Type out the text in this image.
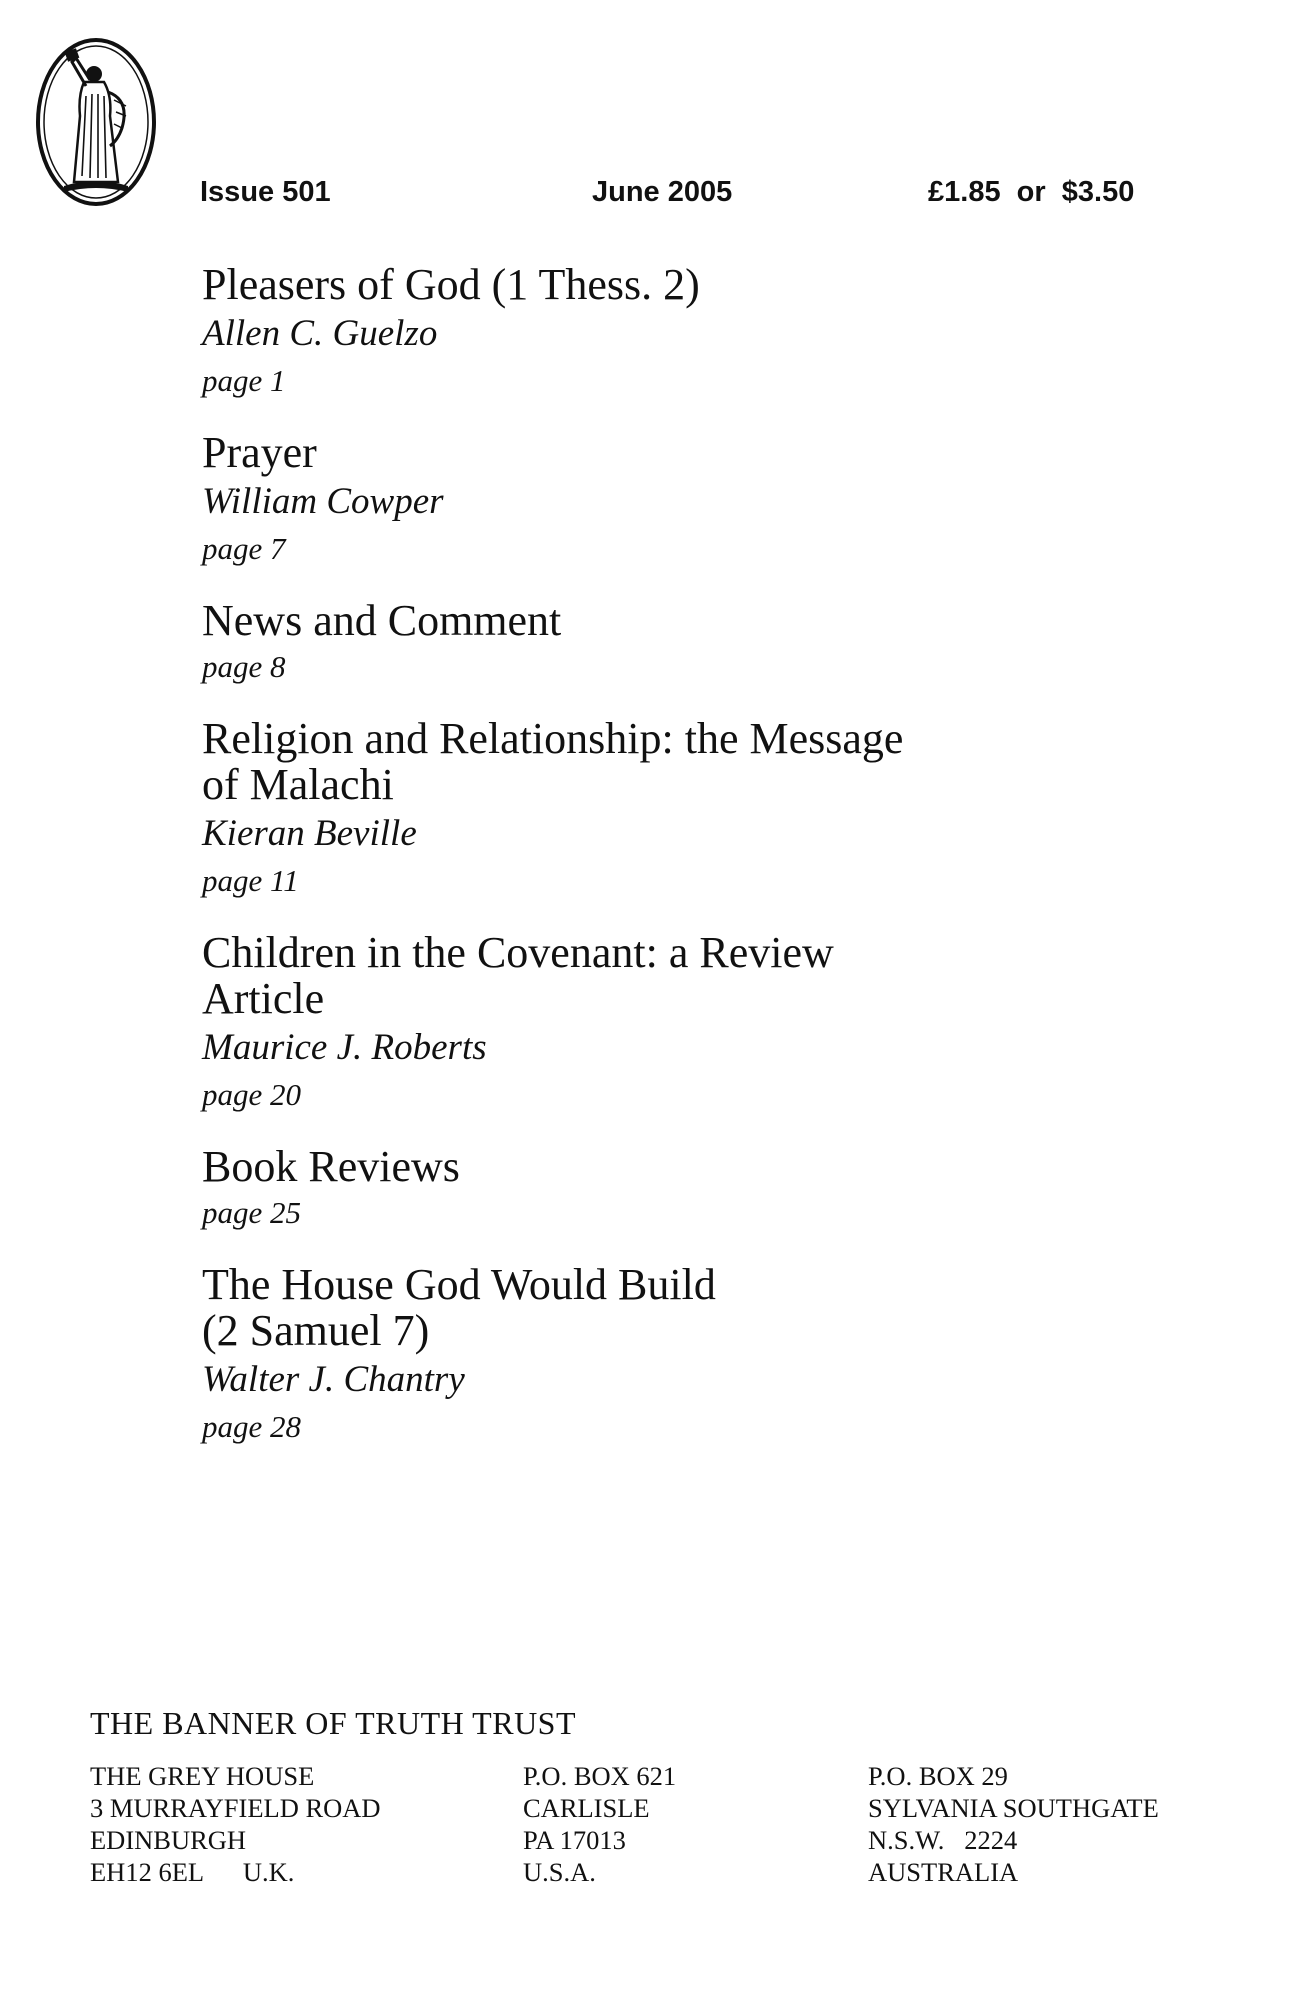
Issue 501	June 2005	£1.85  or  $3.50
Pleasers of God (1 Thess. 2)
Allen C. Guelzo
page 1
Prayer
William Cowper
page 7
News and Comment
page 8
Religion and Relationship: the Message
of Malachi
Kieran Beville
page 11
Children in the Covenant: a Review
Article
Maurice J. Roberts
page 20
Book Reviews
page 25
The House God Would Build
(2 Samuel 7)
Walter J. Chantry
page 28
THE BANNER OF TRUTH TRUST
THE GREY HOUSE
3 MURRAYFIELD ROAD
EDINBURGH
EH12 6EL      U.K.
P.O. BOX 621
CARLISLE
PA 17013
U.S.A.
P.O. BOX 29
SYLVANIA SOUTHGATE
N.S.W.   2224
AUSTRALIA
